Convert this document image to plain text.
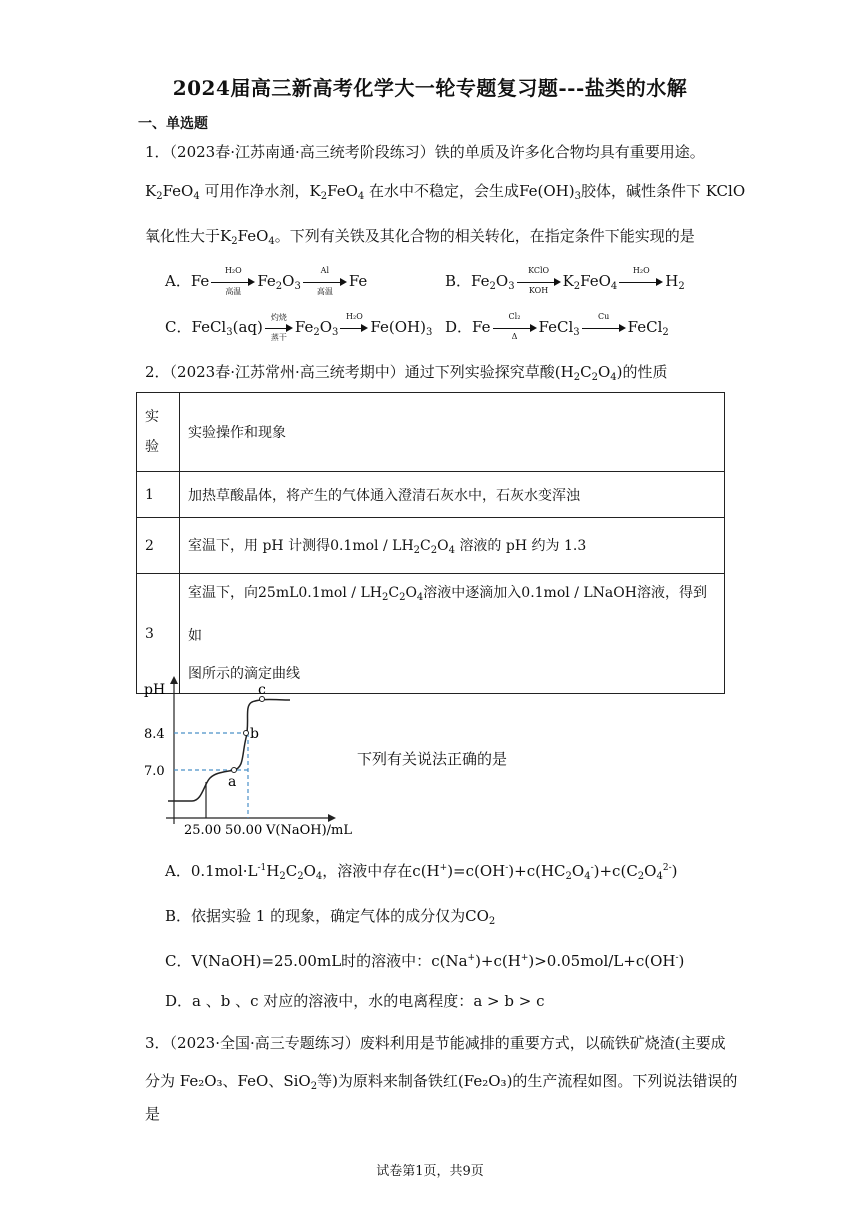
2024届高三新高考化学大一轮专题复习题---盐类的水解
一、单选题
1．（2023春·江苏南通·高三统考阶段练习）铁的单质及许多化合物均具有重要用途。
$K_2FeO_4$ 可用作净水剂，$K_2FeO_4$ 在水中不稳定，会生成$Fe(OH)_3$胶体，碱性条件下 KClO
氧化性大于$K_2FeO_4$。下列有关铁及其化合物的相关转化，在指定条件下能实现的是
A．Fe
H₂O
高温
$Fe_2O_3$
Al
高温
Fe	B．$Fe_2O_3$
KClO
KOH
$K_2FeO_4$
H₂O
$H_2$
C．FeCl$_3$(aq)
灼烧
蒸干
$Fe_2O_3$
H₂O
$Fe(OH)_3$ D．Fe $\frac{\text{Cl₂}}{\Delta}$ FeCl$_3$
Cu
FeCl$_2$
2．（2023春·江苏常州·高三统考期中）通过下列实验探究草酸$(H_2C_2O_4)$的性质
实
验	实验操作和现象
1	加热草酸晶体，将产生的气体通入澄清石灰水中，石灰水变浑浊
2	室温下，用 pH 计测得$0.1mol / LH_2C_2O_4$ 溶液的 pH 约为 1.3
3	室温下，向$25mL0.1mol / LH_2C_2O_4$溶液中逐滴加入0.1mol / LNaOH溶液，得到如
图所示的滴定曲线
pH
8.4
7.0
a
b
c
25.00 50.00 V(NaOH)/mL
下列有关说法正确的是
A．$0.1mol\cdot L^{-1}H_2C_2O_4$，溶液中存在$c(H^+)=c(OH^-)+c(HC_2O_4^-)+c(C_2O_4^{2-})$
B．依据实验 1 的现象，确定气体的成分仅为$CO_2$
C．V(NaOH)=25.00mL时的溶液中：c(Na+)+c(H+)>0.05mol/L+c(OH-)
D．a 、b 、c 对应的溶液中，水的电离程度：a > b > c
3．（2023·全国·高三专题练习）废料利用是节能减排的重要方式，以硫铁矿烧渣(主要成
分为 Fe₂O₃、FeO、SiO$_2$等)为原料来制备铁红(Fe₂O₃)的生产流程如图。下列说法错误的
是
试卷第1页，共9页
